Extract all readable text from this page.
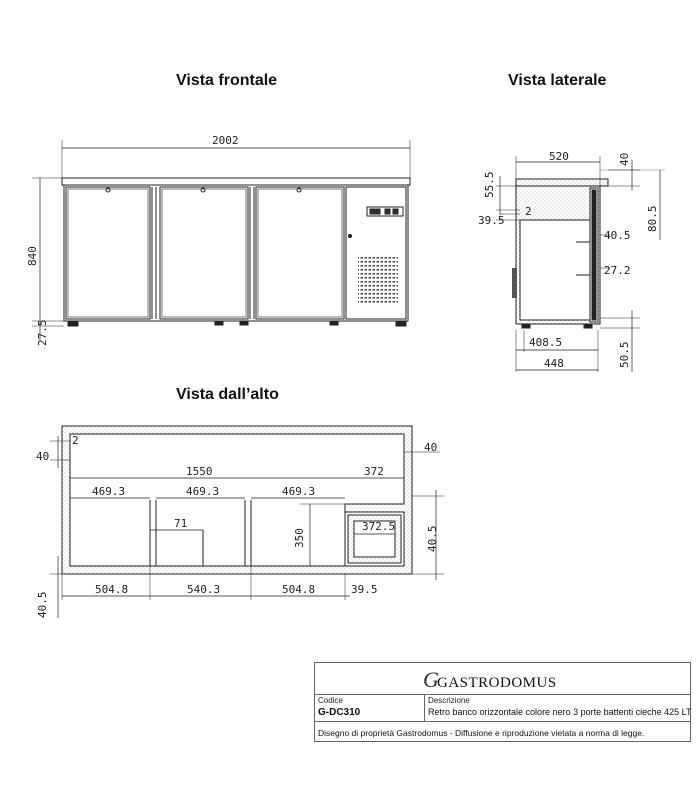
Vista frontale	Vista laterale
Vista dall’alto
2002
840
27.5
520	40
55.5
80.5
2
39.5
40.5
27.2
408.5
448	50.5
2
40
40
1550	372
469.3	469.3	469.3
71
350
372.5	40.5
40.5
504.8	540.3	504.8	39.5
G
GASTRODOMUS
Codice
G-DC310
Descrizione
Retro banco orizzontale colore nero 3 porte battenti cieche 425 LT
Disegno di proprietà Gastrodomus - Diffusione e riproduzione vietata a norma di legge.
